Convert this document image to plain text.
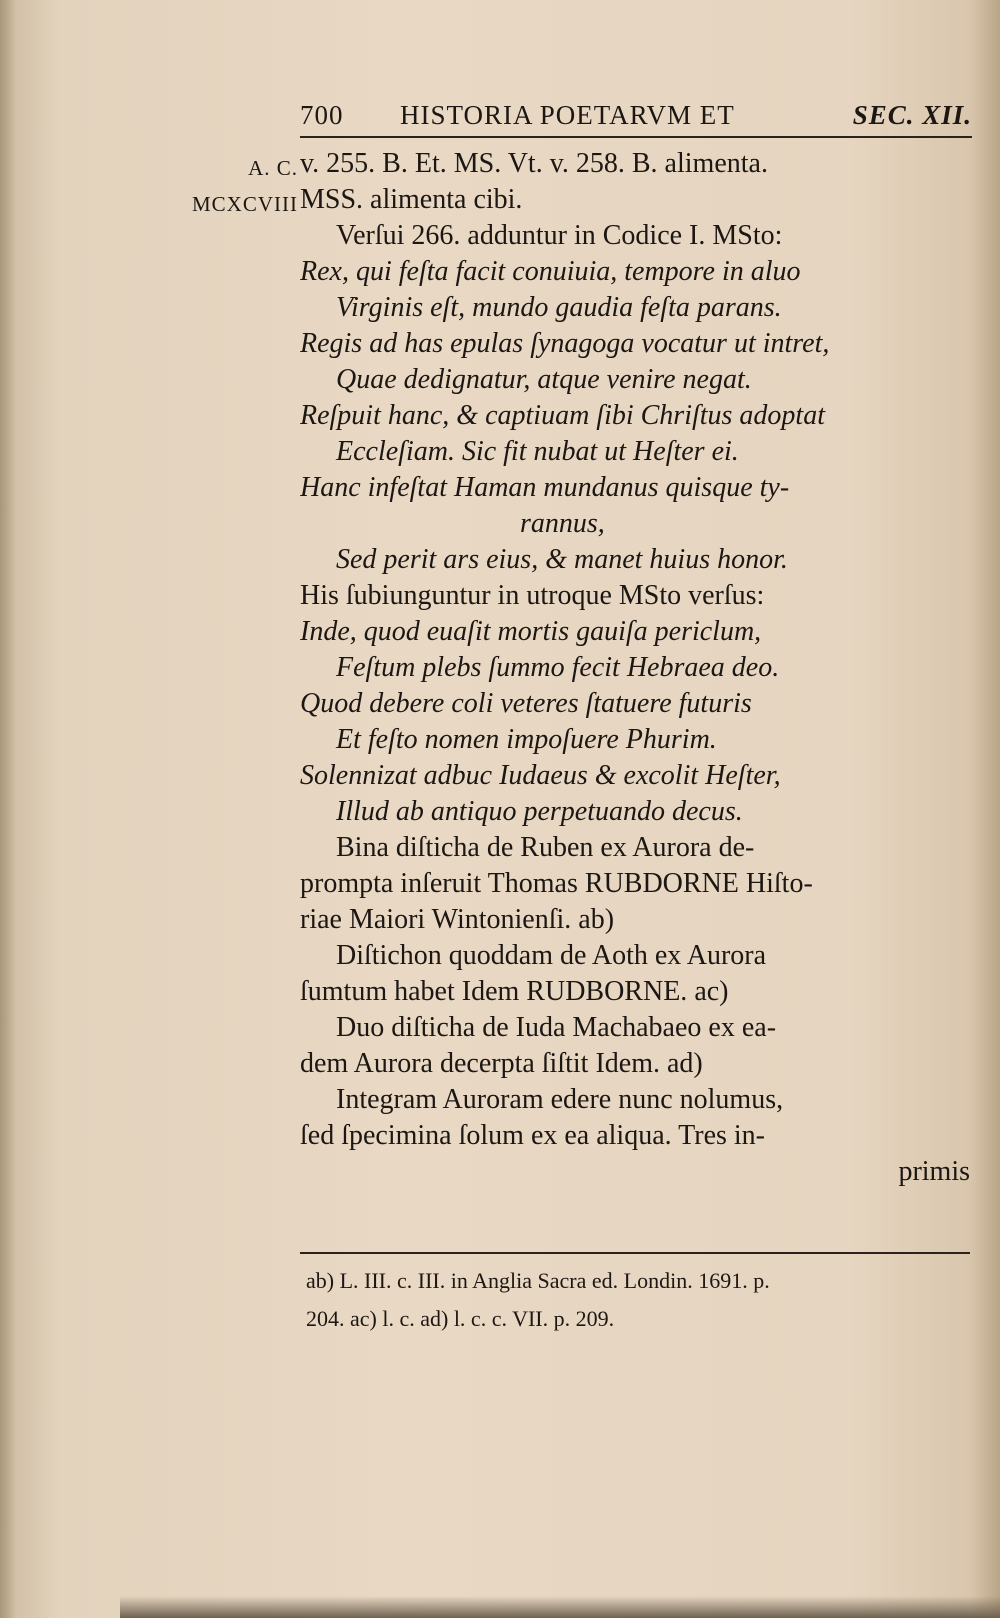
700 HISTORIA POETARVM ET	SEC. XII.
A. C.
MCXCVIII
v. 255. B. Et. MS. Vt. v. 258. B. alimenta.
MSS. alimenta cibi.
Verſui 266. adduntur in Codice I. MSto:
Rex, qui feſta facit conuiuia, tempore in aluo
Virginis eſt, mundo gaudia feſta parans.
Regis ad has epulas ſynagoga vocatur ut intret,
Quae dedignatur, atque venire negat.
Reſpuit hanc, & captiuam ſibi Chriſtus adoptat
Eccleſiam. Sic fit nubat ut Heſter ei.
Hanc infeſtat Haman mundanus quisque ty-
rannus,
Sed perit ars eius, & manet huius honor.
His ſubiunguntur in utroque MSto verſus:
Inde, quod euaſit mortis gauiſa periclum,
Feſtum plebs ſummo fecit Hebraea deo.
Quod debere coli veteres ſtatuere futuris
Et feſto nomen impoſuere Phurim.
Solennizat adbuc Iudaeus & excolit Heſter,
Illud ab antiquo perpetuando decus.
Bina diſticha de Ruben ex Aurora de-
prompta inſeruit Thomas RUBDORNE Hiſto-
riae Maiori Wintonienſi. ab)
Diſtichon quoddam de Aoth ex Aurora
ſumtum habet Idem RUDBORNE. ac)
Duo diſticha de Iuda Machabaeo ex ea-
dem Aurora decerpta ſiſtit Idem. ad)
Integram Auroram edere nunc nolumus,
ſed ſpecimina ſolum ex ea aliqua. Tres in-
primis
ab) L. III. c. III. in Anglia Sacra ed. Londin. 1691. p.
204. ac) l. c. ad) l. c. c. VII. p. 209.
